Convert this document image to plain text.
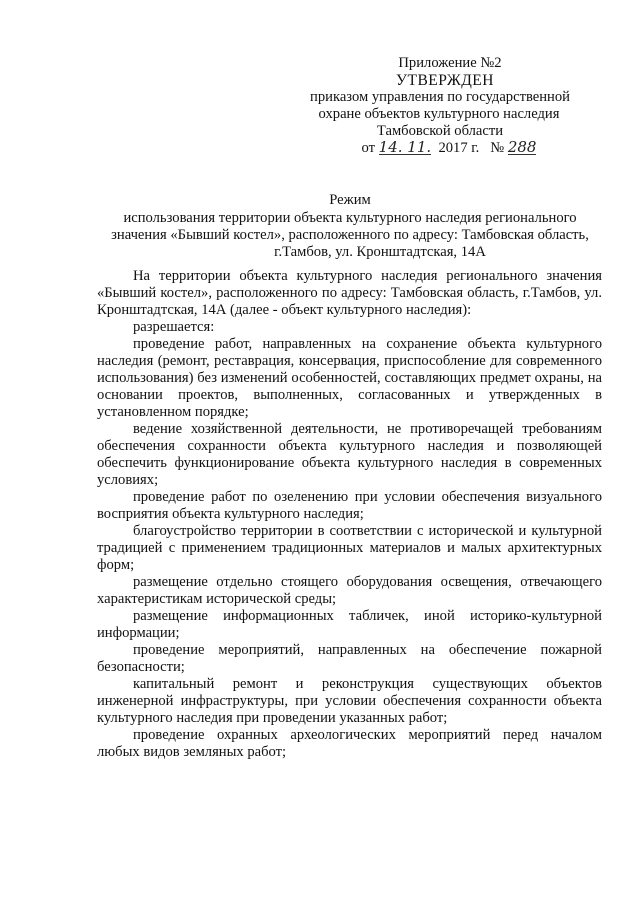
Приложение №2
УТВЕРЖДЕН
приказом управления по государственной
охране объектов культурного наследия
Тамбовской области
от 14. 11. 2017 г. № 288
Режим
использования территории объекта культурного наследия регионального
значения «Бывший костел», расположенного по адресу: Тамбовская область,
г.Тамбов, ул. Кронштадтская, 14А

На территории объекта культурного наследия регионального значения «Бывший костел», расположенного по адресу: Тамбовская область, г.Тамбов, ул. Кронштадтская, 14А (далее - объект культурного наследия):

разрешается:

проведение работ, направленных на сохранение объекта культурного наследия (ремонт, реставрация, консервация, приспособление для современного использования) без изменений особенностей, составляющих предмет охраны, на основании проектов, выполненных, согласованных и утвержденных в установленном порядке;

ведение хозяйственной деятельности, не противоречащей требованиям обеспечения сохранности объекта культурного наследия и позволяющей обеспечить функционирование объекта культурного наследия в современных условиях;

проведение работ по озеленению при условии обеспечения визуального восприятия объекта культурного наследия;

благоустройство территории в соответствии с исторической и культурной традицией с применением традиционных материалов и малых архитектурных форм;

размещение отдельно стоящего оборудования освещения, отвечающего характеристикам исторической среды;

размещение информационных табличек, иной историко-культурной информации;

проведение мероприятий, направленных на обеспечение пожарной безопасности;

капитальный ремонт и реконструкция существующих объектов инженерной инфраструктуры, при условии обеспечения сохранности объекта культурного наследия при проведении указанных работ;

проведение охранных археологических мероприятий перед началом любых видов земляных работ;
